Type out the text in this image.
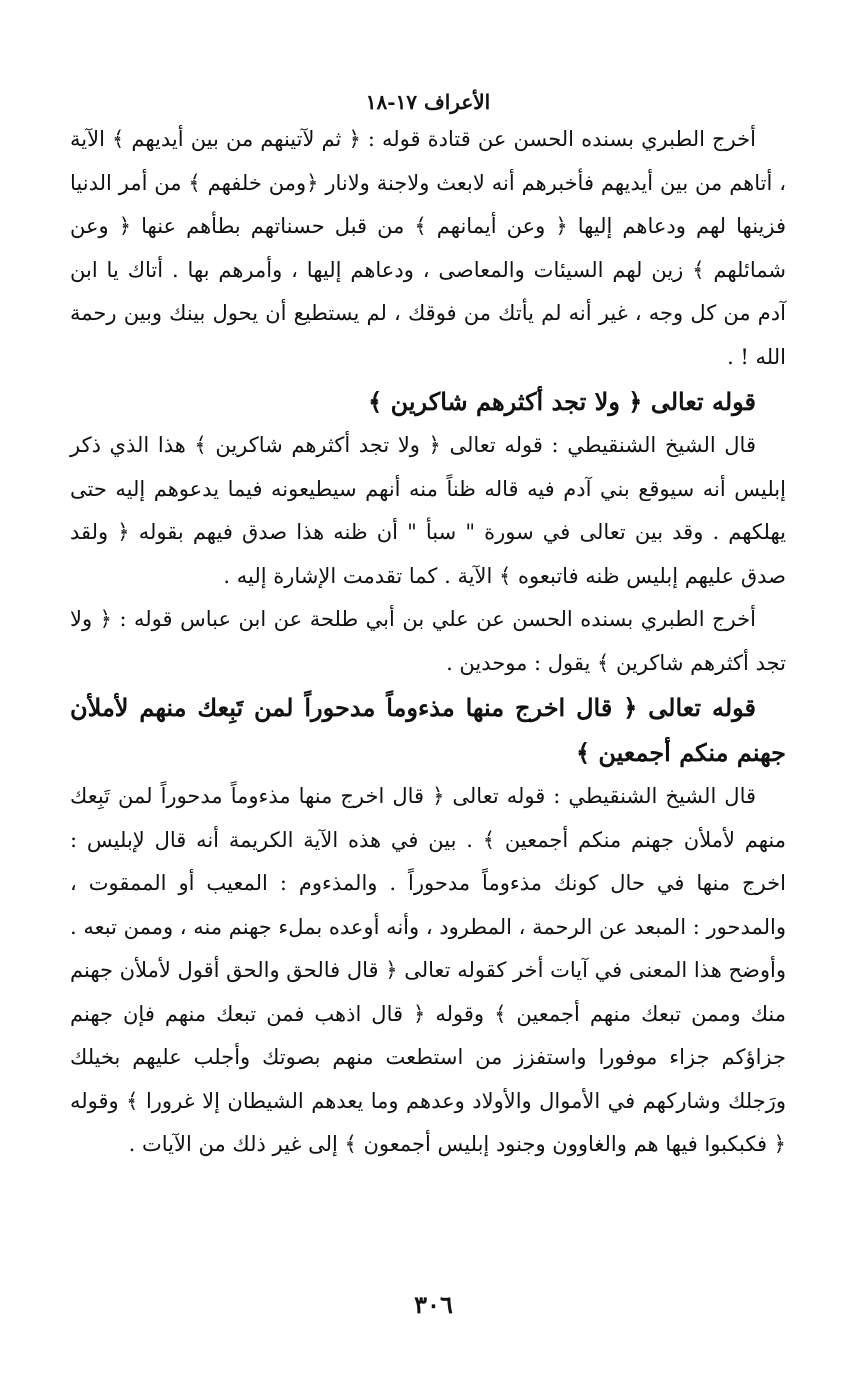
الأعراف ١٧-١٨

أخرج الطبري بسنده الحسن عن قتادة قوله : ﴿ ثم لآتينهم من بين أيديهم ﴾ الآية ، أتاهم من بين أيديهم فأخبرهم أنه لابعث ولاجنة ولانار ﴿ومن خلفهم ﴾ من أمر الدنيا فزينها لهم ودعاهم إليها ﴿ وعن أيمانهم ﴾ من قبل حسناتهم بطأهم عنها ﴿ وعن شمائلهم ﴾ زين لهم السيئات والمعاصى ، ودعاهم إليها ، وأمرهم بها . أتاك يا ابن آدم من كل وجه ، غير أنه لم يأتك من فوقك ، لم يستطيع أن يحول بينك وبين رحمة الله ! .

قوله تعالى ﴿ ولا تجد أكثرهم شاكرين ﴾

قال الشيخ الشنقيطي : قوله تعالى ﴿ ولا تجد أكثرهم شاكرين ﴾ هذا الذي ذكر إبليس أنه سيوقع بني آدم فيه قاله ظناً منه أنهم سيطيعونه فيما يدعوهم إليه حتى يهلكهم . وقد بين تعالى في سورة " سبأ " أن ظنه هذا صدق فيهم بقوله ﴿ ولقد صدق عليهم إبليس ظنه فاتبعوه ﴾ الآية . كما تقدمت الإشارة إليه .

أخرج الطبري بسنده الحسن عن علي بن أبي طلحة عن ابن عباس قوله : ﴿ ولا تجد أكثرهم شاكرين ﴾ يقول : موحدين .

قوله تعالى ﴿ قال اخرج منها مذءوماً مدحوراً لمن تَبِعك منهم لأملأن جهنم منكم أجمعين ﴾

قال الشيخ الشنقيطي : قوله تعالى ﴿ قال اخرج منها مذءوماً مدحوراً لمن تَبِعك منهم لأملأن جهنم منكم أجمعين ﴾ . بين في هذه الآية الكريمة أنه قال لإبليس : اخرج منها في حال كونك مذءوماً مدحوراً . والمذءوم : المعيب أو الممقوت ، والمدحور : المبعد عن الرحمة ، المطرود ، وأنه أوعده بملء جهنم منه ، وممن تبعه . وأوضح هذا المعنى في آيات أخر كقوله تعالى ﴿ قال فالحق والحق أقول لأملأن جهنم منك وممن تبعك منهم أجمعين ﴾ وقوله ﴿ قال اذهب فمن تبعك منهم فإن جهنم جزاؤكم جزاء موفورا واستفزز من استطعت منهم بصوتك وأجلب عليهم بخيلك ورَجلك وشاركهم في الأموال والأولاد وعدهم وما يعدهم الشيطان إلا غرورا ﴾ وقوله ﴿ فكبكبوا فيها هم والغاوون وجنود إبليس أجمعون ﴾ إلى غير ذلك من الآيات .

٣٠٦
